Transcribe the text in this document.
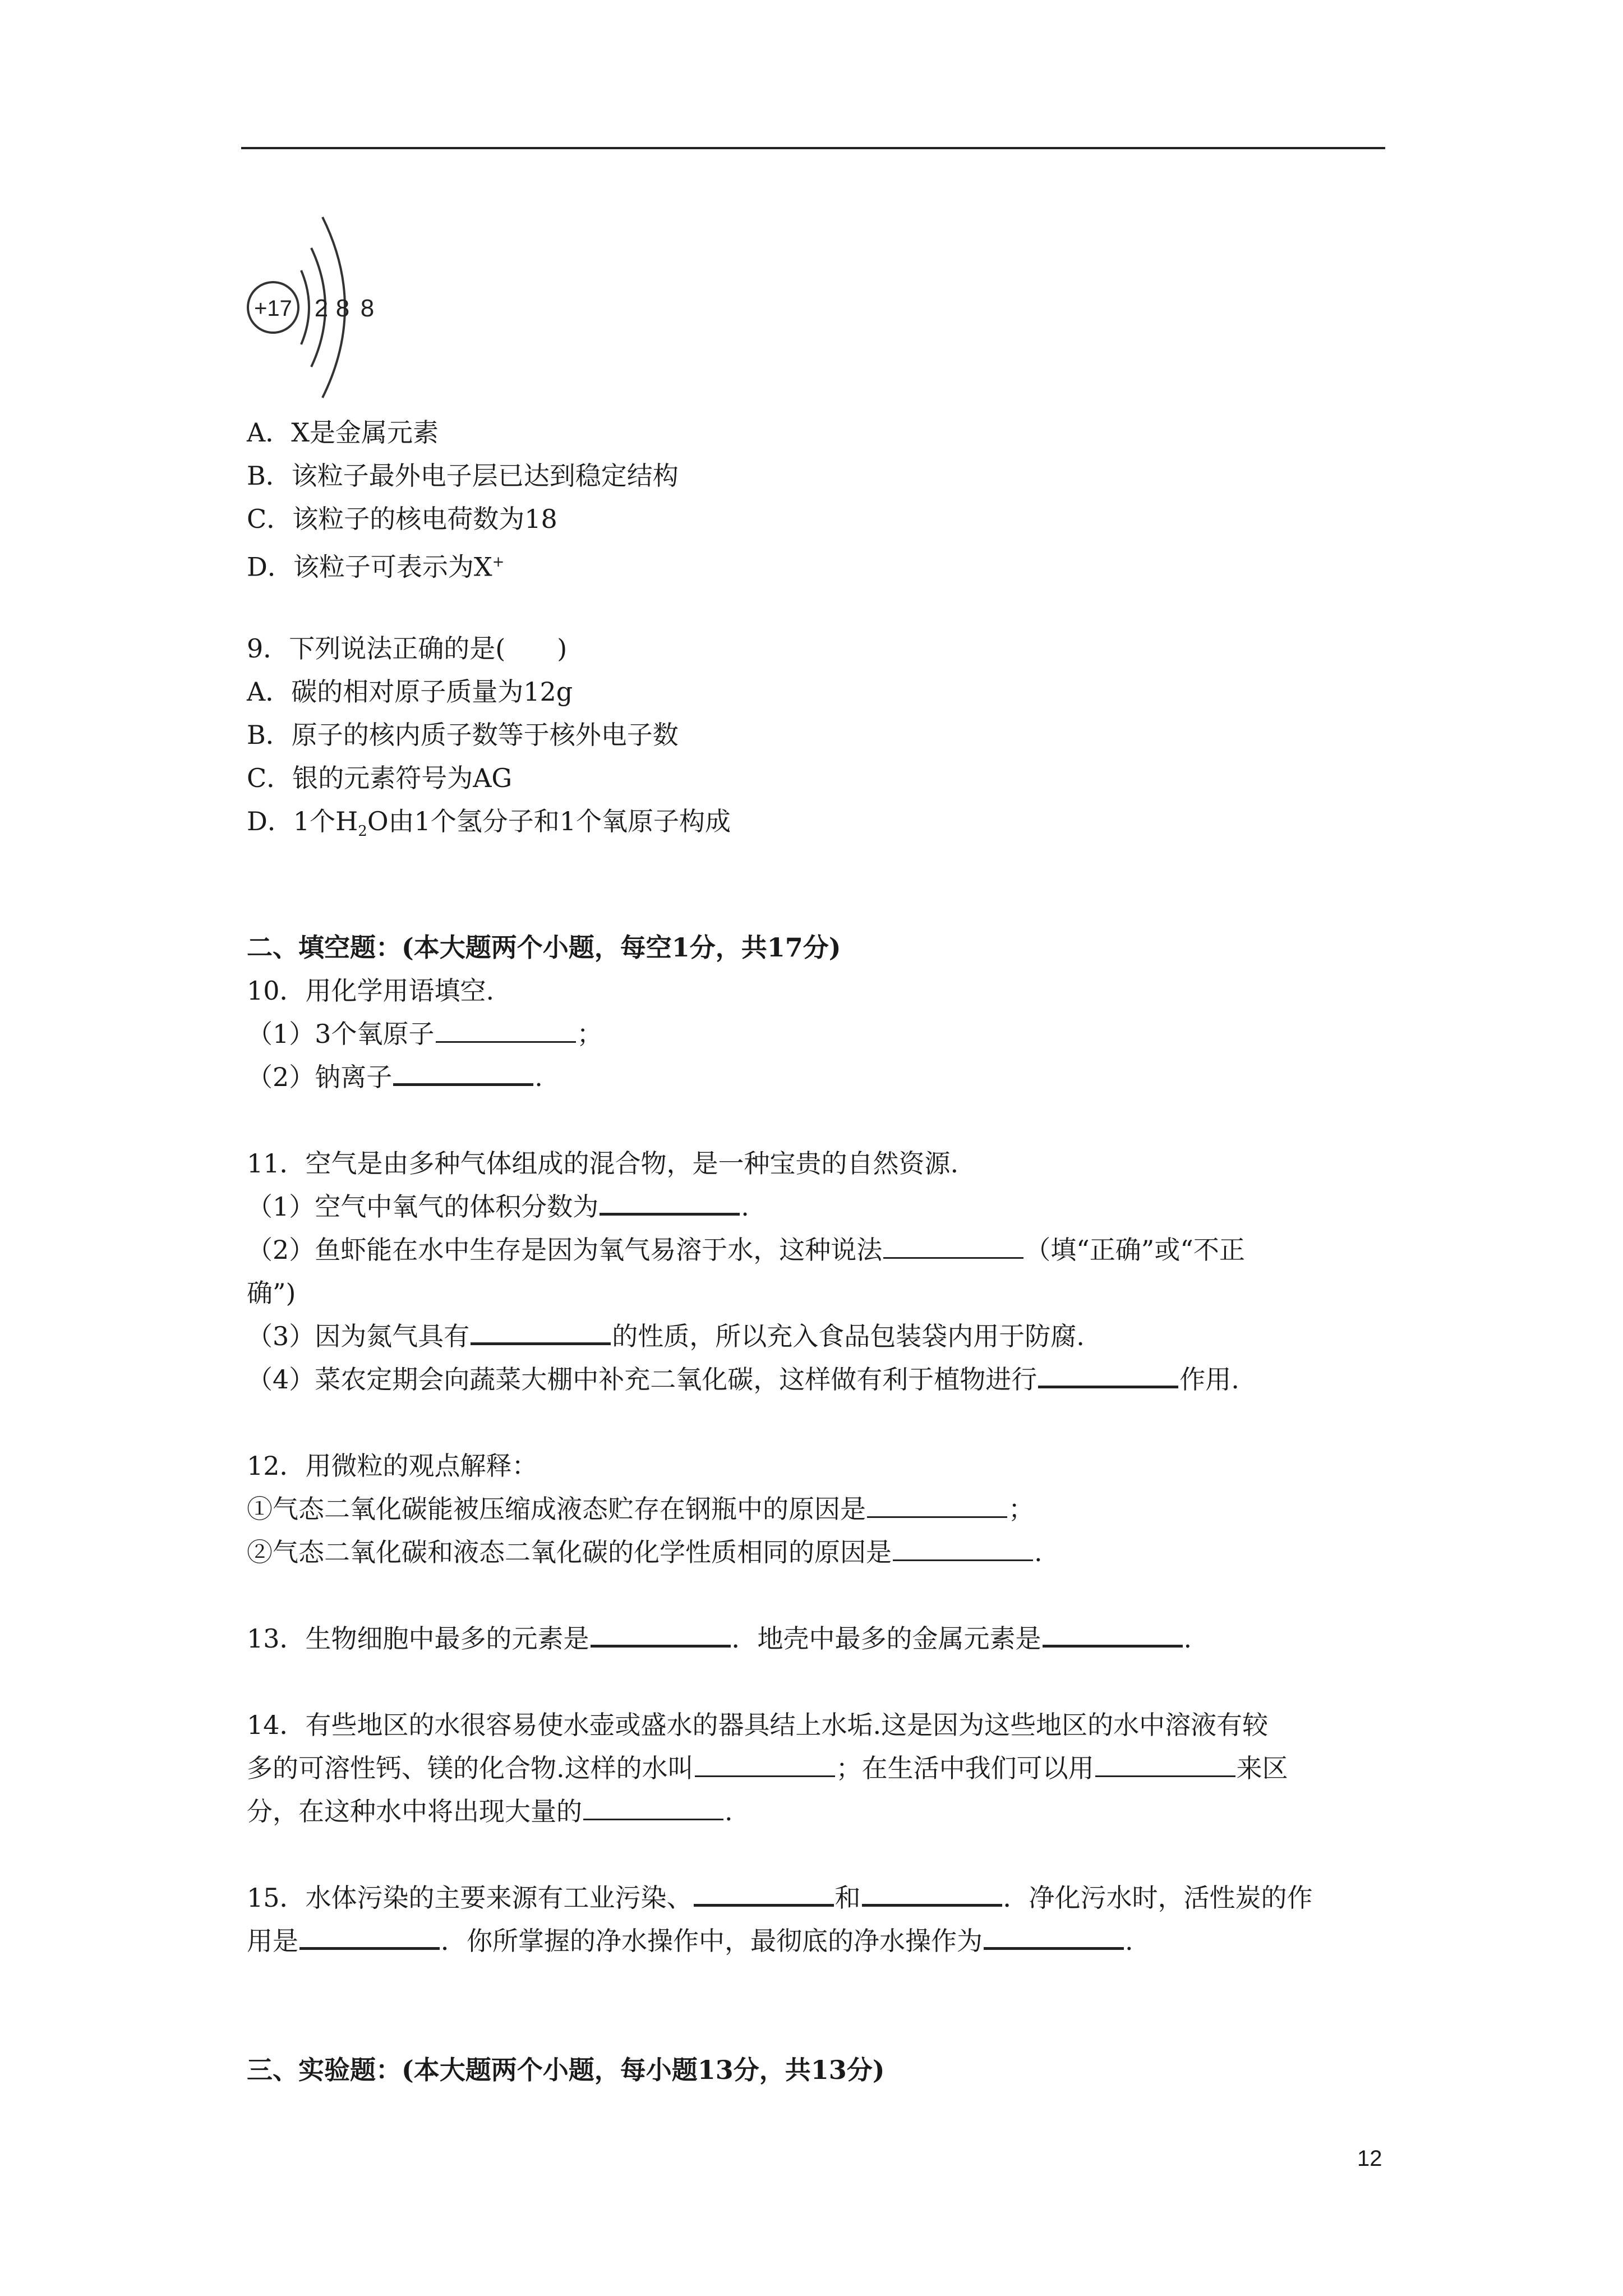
+17 2 8 8
A．X是金属元素
B．该粒子最外电子层已达到稳定结构
C．该粒子的核电荷数为18
D．该粒子可表示为X+
9．下列说法正确的是(　　)
A．碳的相对原子质量为12g
B．原子的核内质子数等于核外电子数
C．银的元素符号为AG
D．1个$H_2O$由1个氢分子和1个氧原子构成
二、填空题：(本大题两个小题，每空1分，共17分)
10．用化学用语填空.
（1）3个氧原子	；
（2）钠离子	.
11．空气是由多种气体组成的混合物，是一种宝贵的自然资源.
（1）空气中氧气的体积分数为	.
（2）鱼虾能在水中生存是因为氧气易溶于水，这种说法	（填“正确”或“不正
确”)
（3）因为氮气具有	的性质，所以充入食品包装袋内用于防腐.
（4）菜农定期会向蔬菜大棚中补充二氧化碳，这样做有利于植物进行	作用.
12．用微粒的观点解释：
①气态二氧化碳能被压缩成液态贮存在钢瓶中的原因是	；
②气态二氧化碳和液态二氧化碳的化学性质相同的原因是	.
13．生物细胞中最多的元素是	．地壳中最多的金属元素是	.
14．有些地区的水很容易使水壶或盛水的器具结上水垢.这是因为这些地区的水中溶液有较
多的可溶性钙、镁的化合物.这样的水叫	；在生活中我们可以用	来区
分，在这种水中将出现大量的	.
15．水体污染的主要来源有工业污染、	和	．净化污水时，活性炭的作
用是	．你所掌握的净水操作中，最彻底的净水操作为	.
三、实验题：(本大题两个小题，每小题13分，共13分)
12
